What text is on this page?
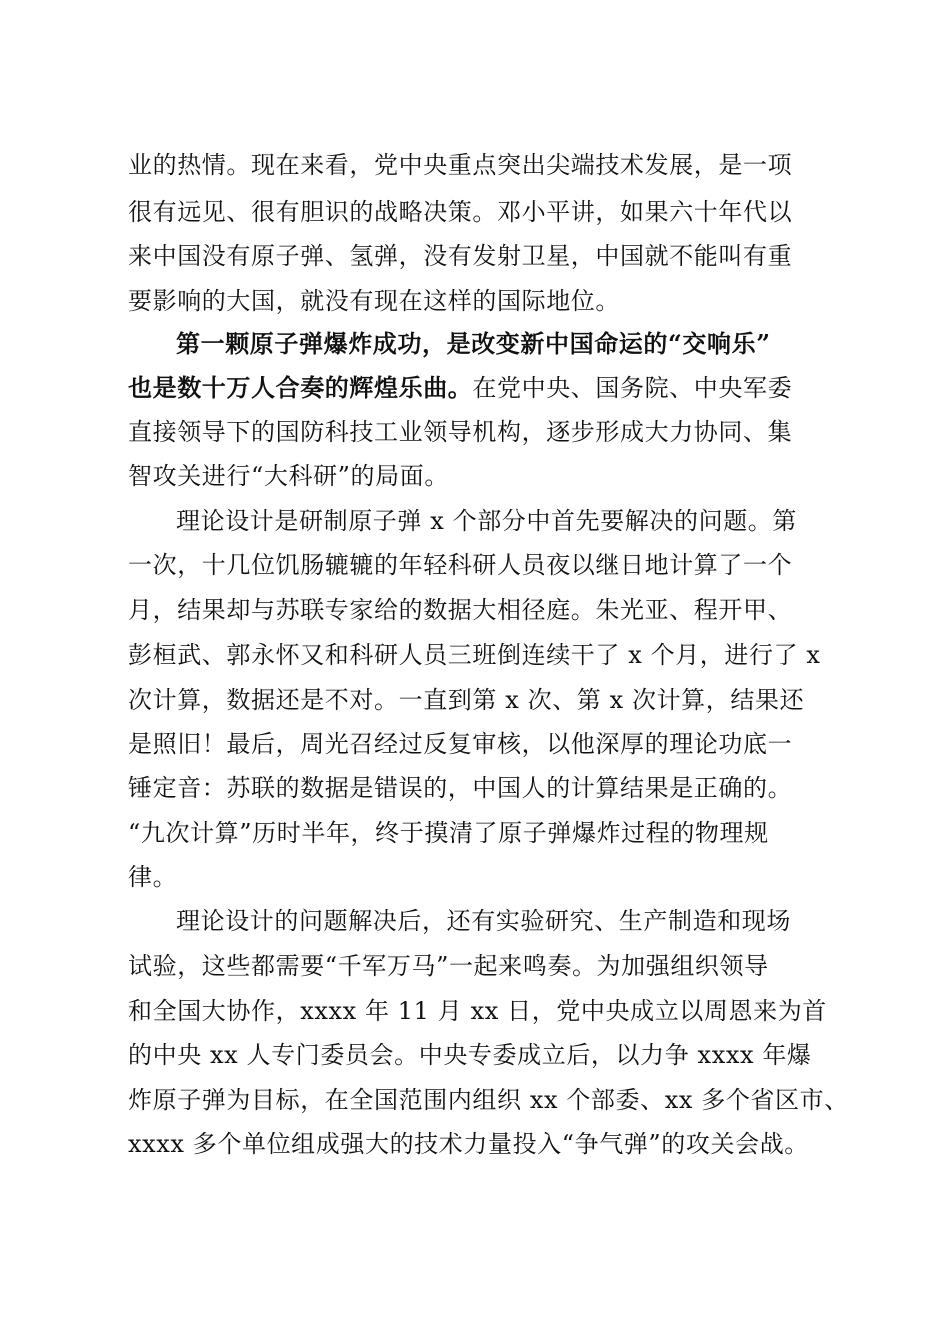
业的热情。现在来看，党中央重点突出尖端技术发展，是一项
很有远见、很有胆识的战略决策。邓小平讲，如果六十年代以
来中国没有原子弹、氢弹，没有发射卫星，中国就不能叫有重
要影响的大国，就没有现在这样的国际地位。
第一颗原子弹爆炸成功，是改变新中国命运的“交响乐”
也是数十万人合奏的辉煌乐曲。在党中央、国务院、中央军委
直接领导下的国防科技工业领导机构，逐步形成大力协同、集
智攻关进行“大科研”的局面。
理论设计是研制原子弹 x 个部分中首先要解决的问题。第
一次，十几位饥肠辘辘的年轻科研人员夜以继日地计算了一个
月，结果却与苏联专家给的数据大相径庭。朱光亚、程开甲、
彭桓武、郭永怀又和科研人员三班倒连续干了 x 个月，进行了 x
次计算，数据还是不对。一直到第 x 次、第 x 次计算，结果还
是照旧！最后，周光召经过反复审核，以他深厚的理论功底一
锤定音：苏联的数据是错误的，中国人的计算结果是正确的。
“九次计算”历时半年，终于摸清了原子弹爆炸过程的物理规
律。
理论设计的问题解决后，还有实验研究、生产制造和现场
试验，这些都需要“千军万马”一起来鸣奏。为加强组织领导
和全国大协作，xxxx 年 11 月 xx 日，党中央成立以周恩来为首
的中央 xx 人专门委员会。中央专委成立后，以力争 xxxx 年爆
炸原子弹为目标，在全国范围内组织 xx 个部委、xx 多个省区市、
xxxx 多个单位组成强大的技术力量投入“争气弹”的攻关会战。
